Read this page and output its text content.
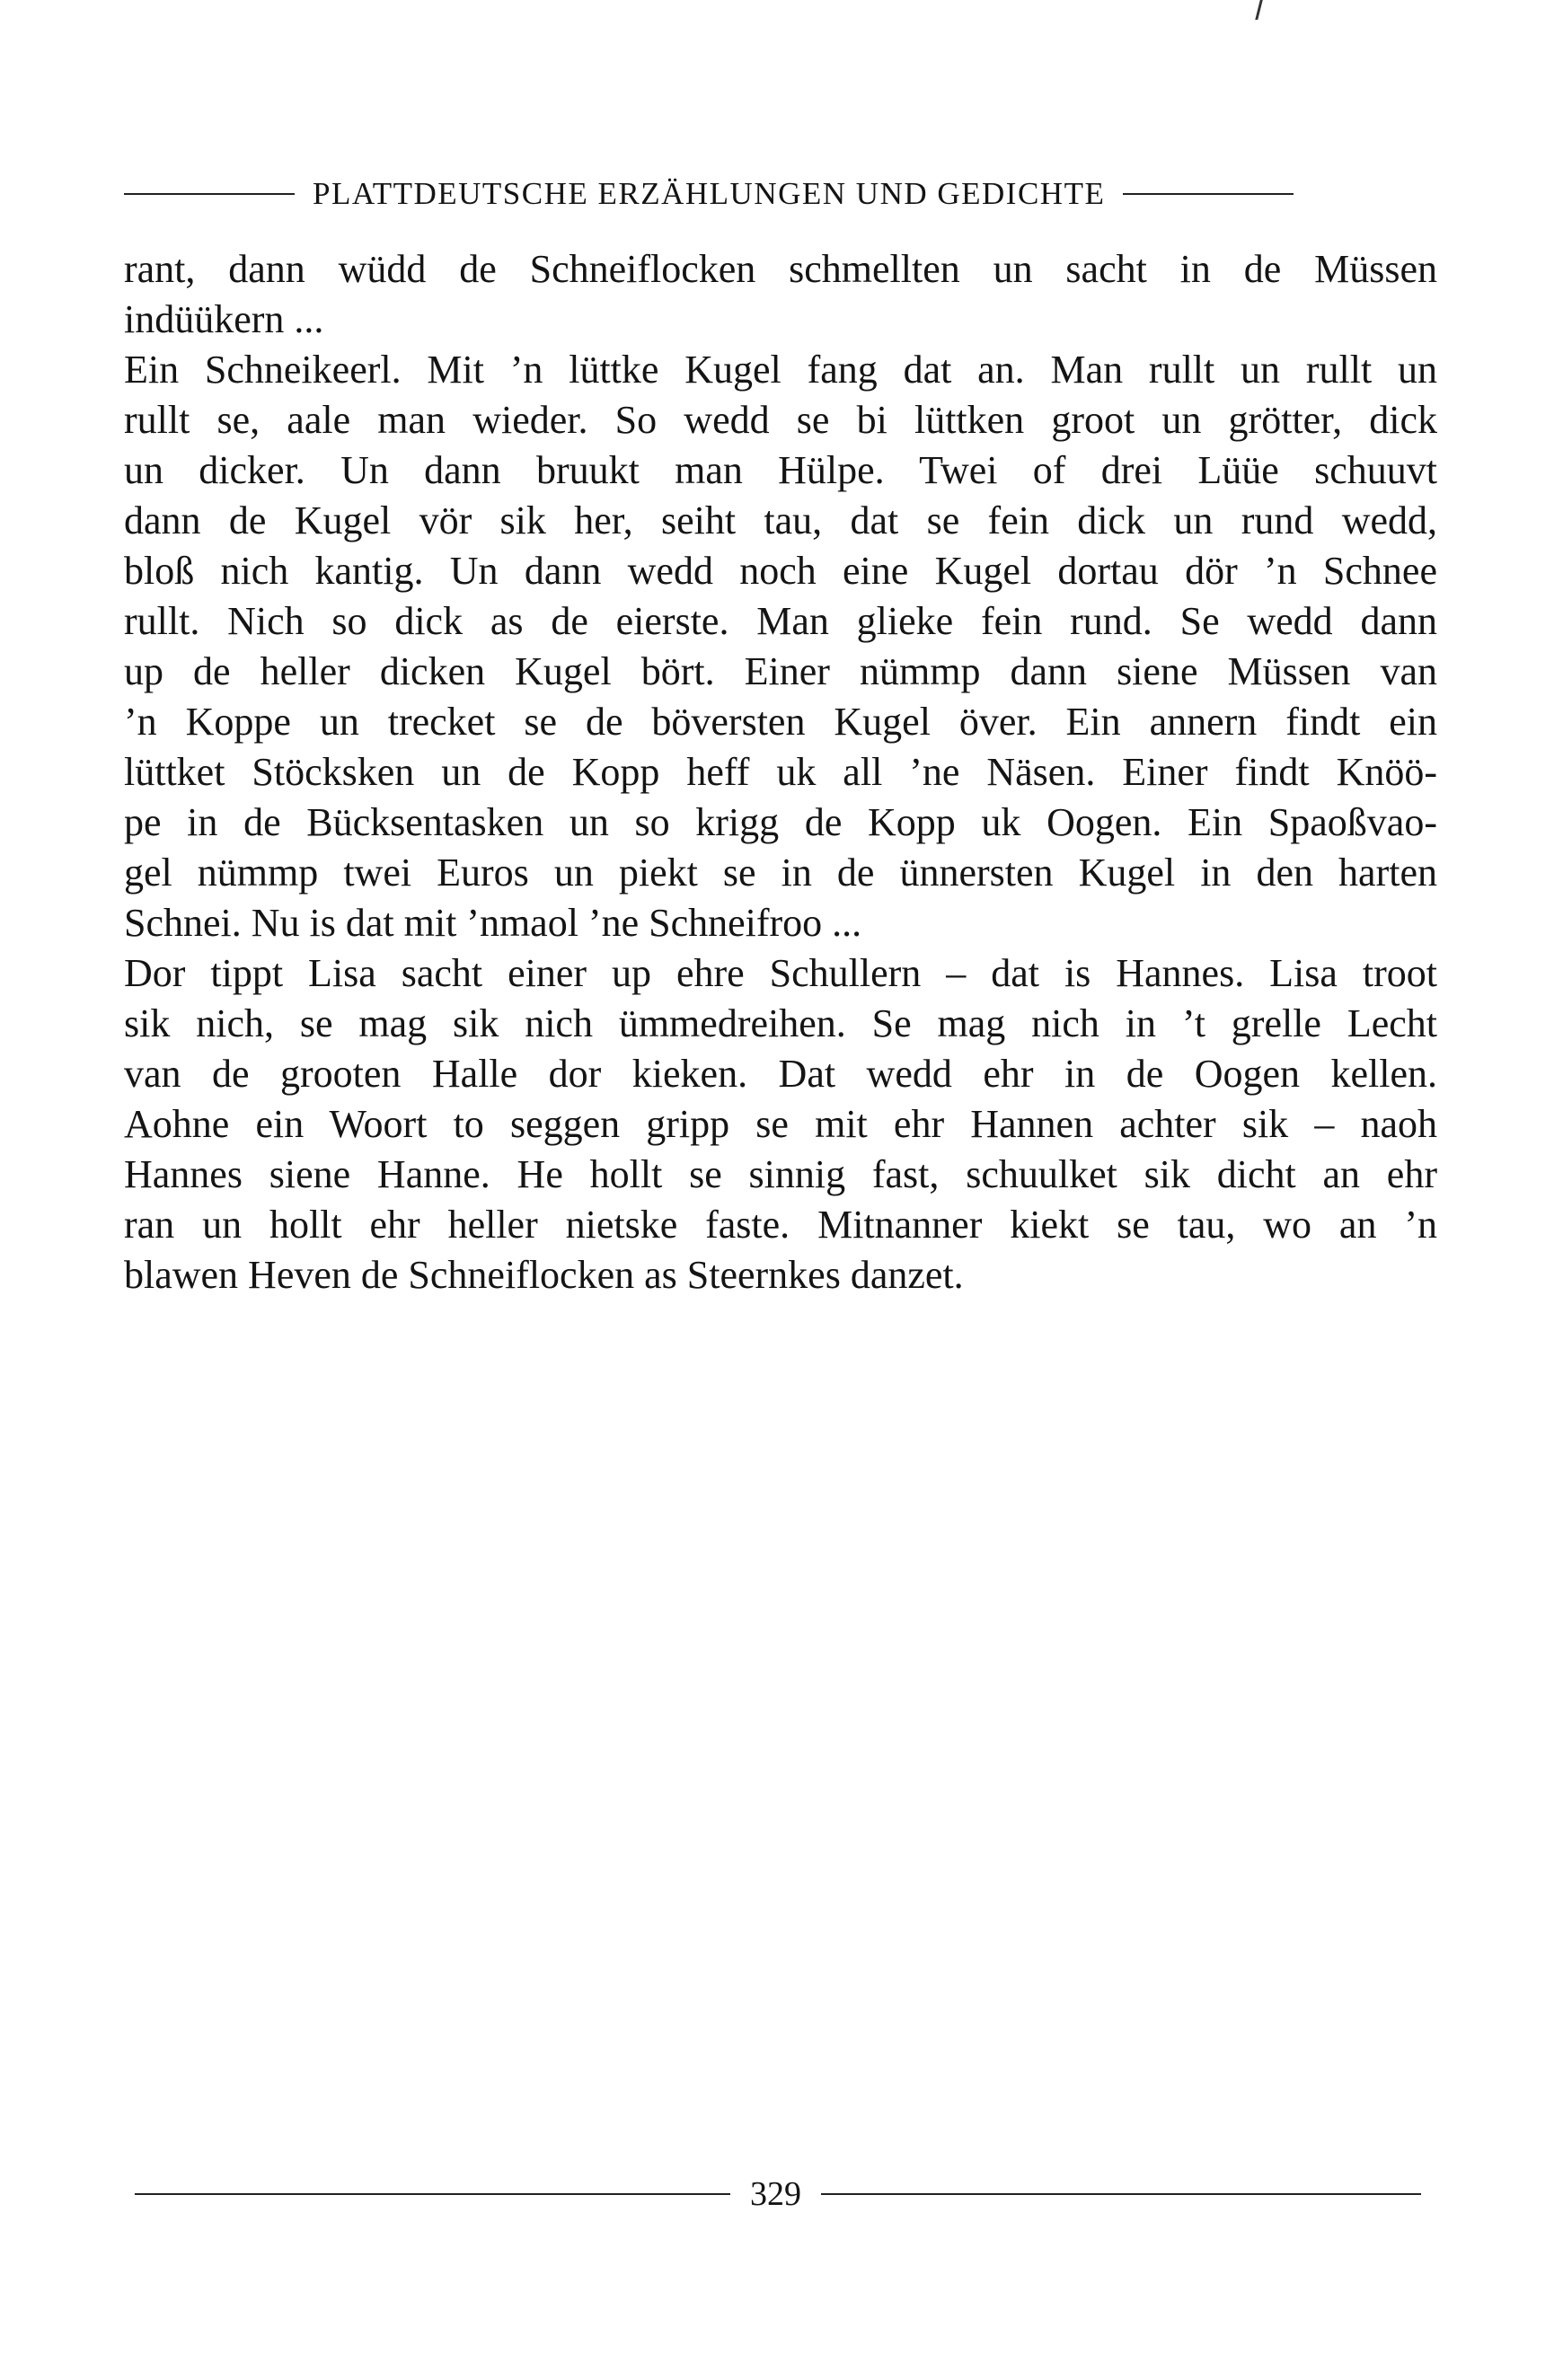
PLATTDEUTSCHE ERZÄHLUNGEN UND GEDICHTE
rant, dann wüdd de Schneiflocken schmellten un sacht in de Müssen
indüükern ...
Ein Schneikeerl. Mit ’n lüttke Kugel fang dat an. Man rullt un rullt un
rullt se, aale man wieder. So wedd se bi lüttken groot un grötter, dick
un dicker. Un dann bruukt man Hülpe. Twei of drei Lüüe schuuvt
dann de Kugel vör sik her, seiht tau, dat se fein dick un rund wedd,
bloß nich kantig. Un dann wedd noch eine Kugel dortau dör ’n Schnee
rullt. Nich so dick as de eierste. Man glieke fein rund. Se wedd dann
up de heller dicken Kugel bört. Einer nümmp dann siene Müssen van
’n Koppe un trecket se de böversten Kugel över. Ein annern findt ein
lüttket Stöcksken un de Kopp heff uk all ’ne Näsen. Einer findt Knöö-
pe in de Bücksentasken un so krigg de Kopp uk Oogen. Ein Spaoßvao-
gel nümmp twei Euros un piekt se in de ünnersten Kugel in den harten
Schnei. Nu is dat mit ’nmaol ’ne Schneifroo ...
Dor tippt Lisa sacht einer up ehre Schullern – dat is Hannes. Lisa troot
sik nich, se mag sik nich ümmedreihen. Se mag nich in ’t grelle Lecht
van de grooten Halle dor kieken. Dat wedd ehr in de Oogen kellen.
Aohne ein Woort to seggen gripp se mit ehr Hannen achter sik – naoh
Hannes siene Hanne. He hollt se sinnig fast, schuulket sik dicht an ehr
ran un hollt ehr heller nietske faste. Mitnanner kiekt se tau, wo an ’n
blawen Heven de Schneiflocken as Steernkes danzet.
329
